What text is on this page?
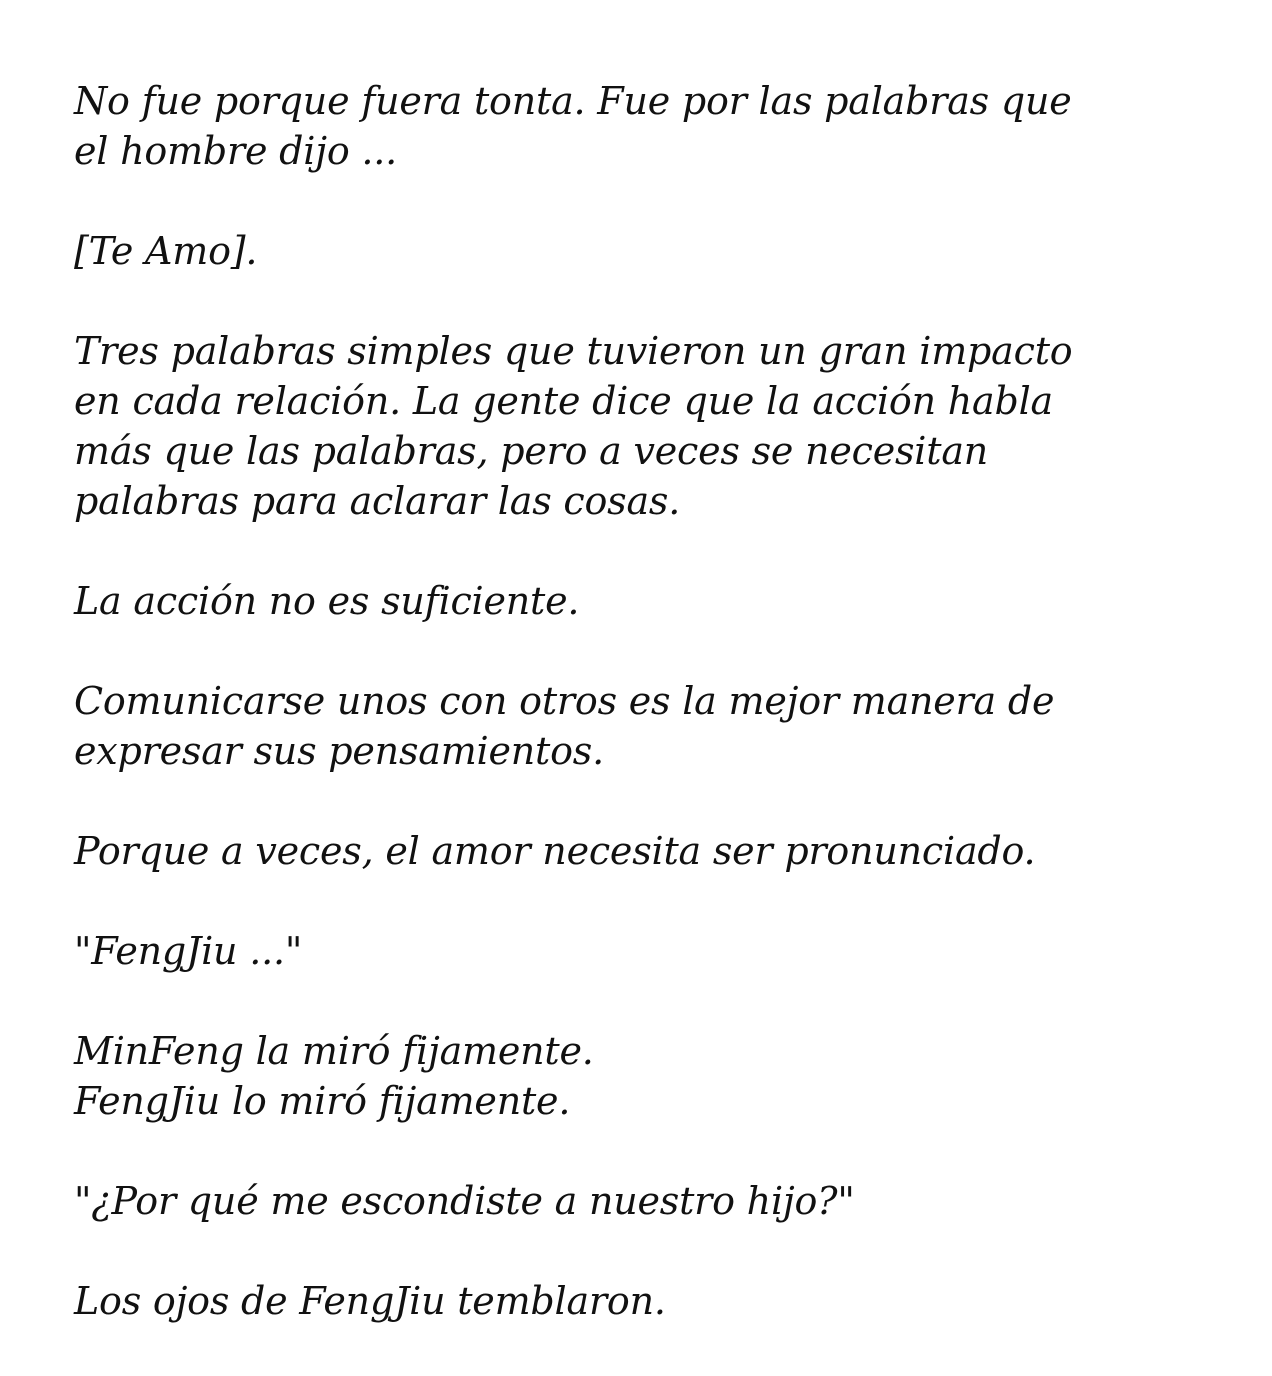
No fue porque fuera tonta. Fue por las palabras que
el hombre dijo ...

[Te Amo].

Tres palabras simples que tuvieron un gran impacto
en cada relación. La gente dice que la acción habla
más que las palabras, pero a veces se necesitan
palabras para aclarar las cosas.

La acción no es suficiente.

Comunicarse unos con otros es la mejor manera de
expresar sus pensamientos.

Porque a veces, el amor necesita ser pronunciado.

"FengJiu ..."

MinFeng la miró fijamente.
FengJiu lo miró fijamente.

"¿Por qué me escondiste a nuestro hijo?"

Los ojos de FengJiu temblaron.
